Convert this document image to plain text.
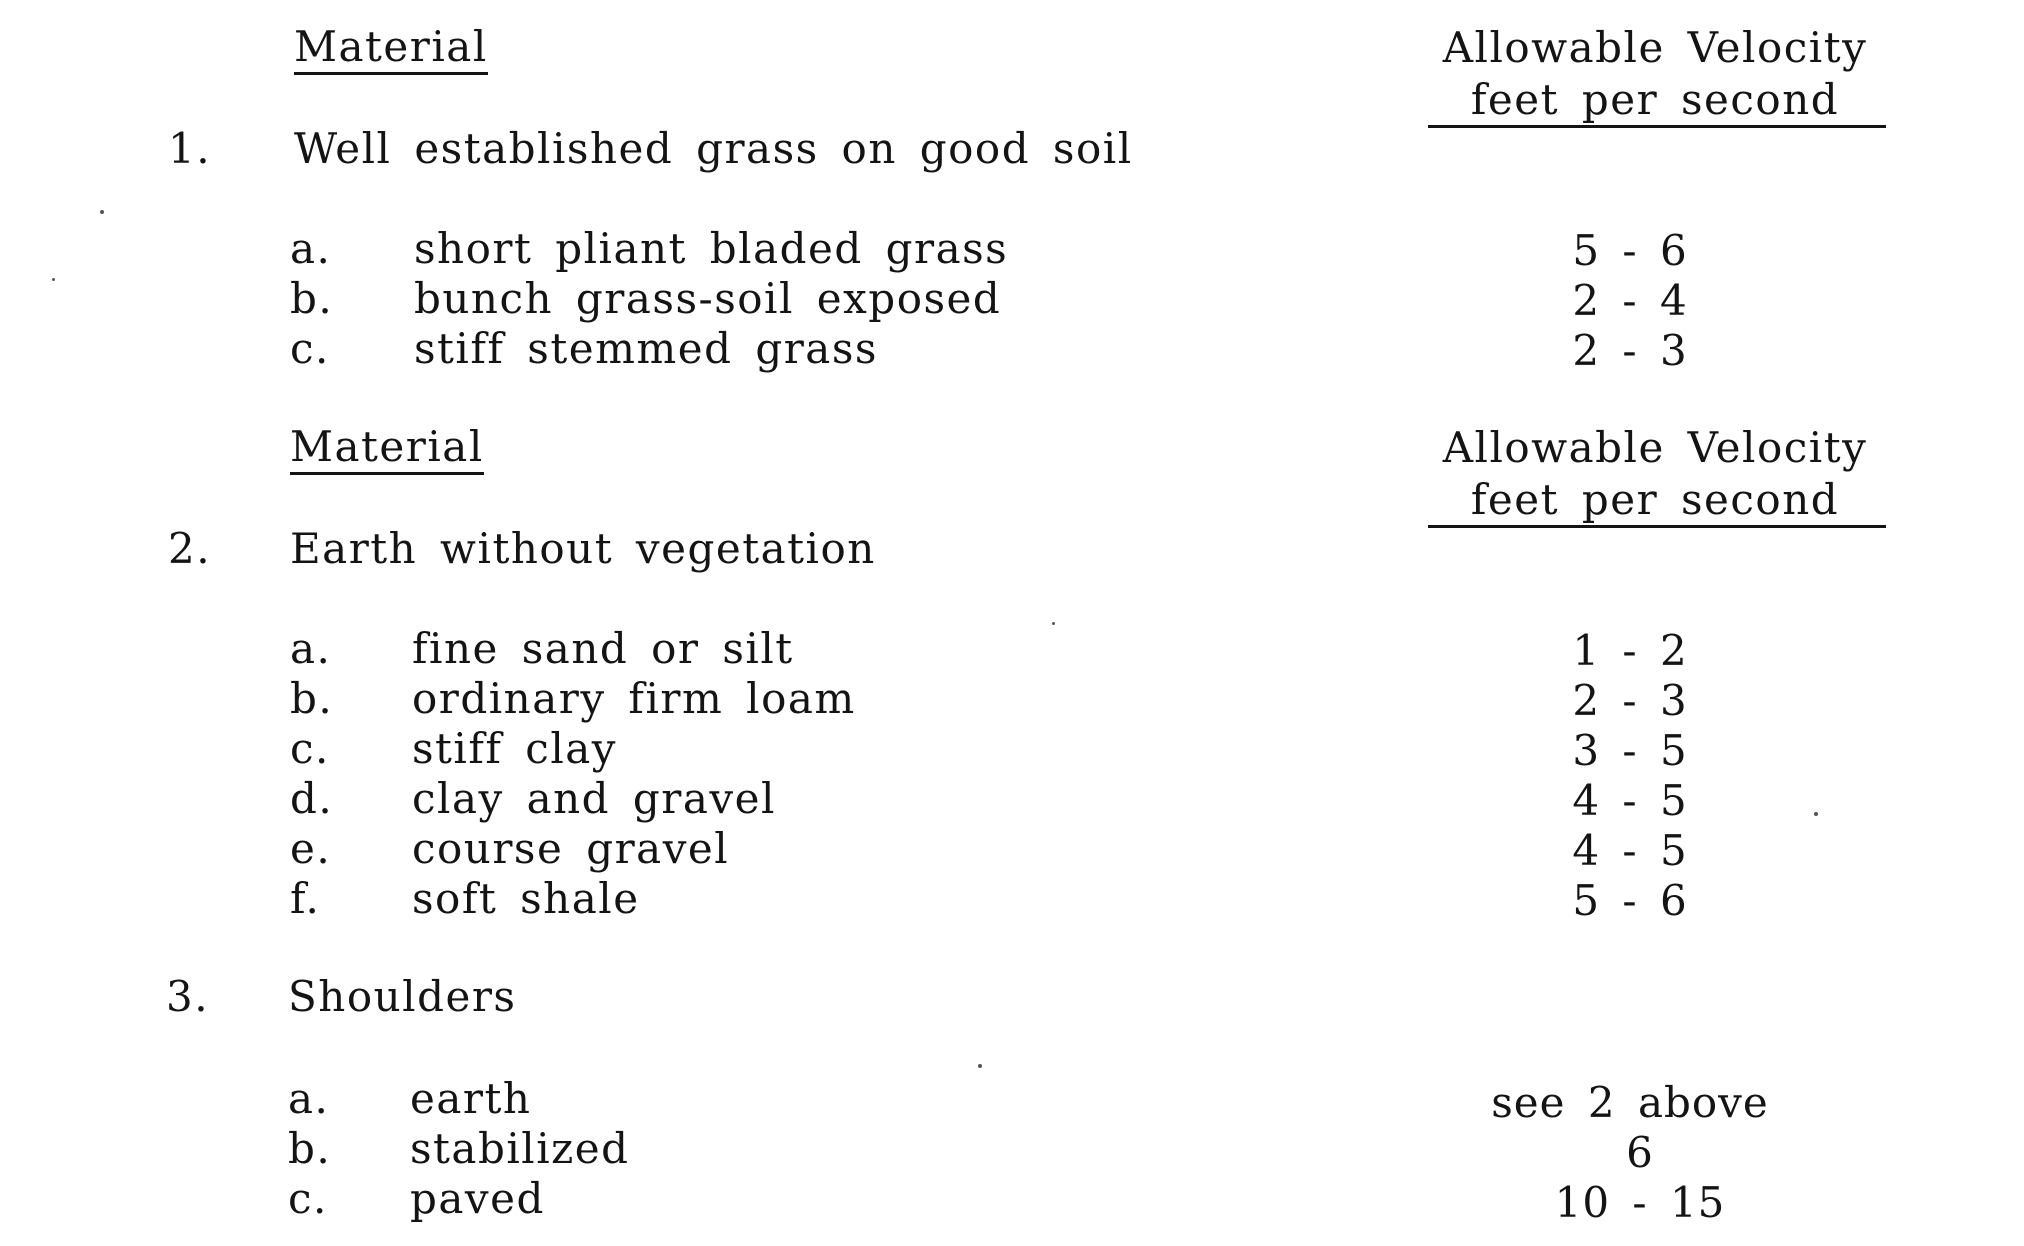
Material	Allowable Velocity
feet per second
1. Well established grass on good soil
a. short pliant bladed grass	5 - 6
b. bunch grass-soil exposed	2 - 4
c. stiff stemmed grass	2 - 3
Material	Allowable Velocity
feet per second
2. Earth without vegetation
a. fine sand or silt	1 - 2
b. ordinary firm loam	2 - 3
c. stiff clay	3 - 5
d. clay and gravel	4 - 5
e. course gravel	4 - 5
f. soft shale	5 - 6
3. Shoulders
a. earth	see 2 above
b. stabilized	6
c. paved	10 - 15
